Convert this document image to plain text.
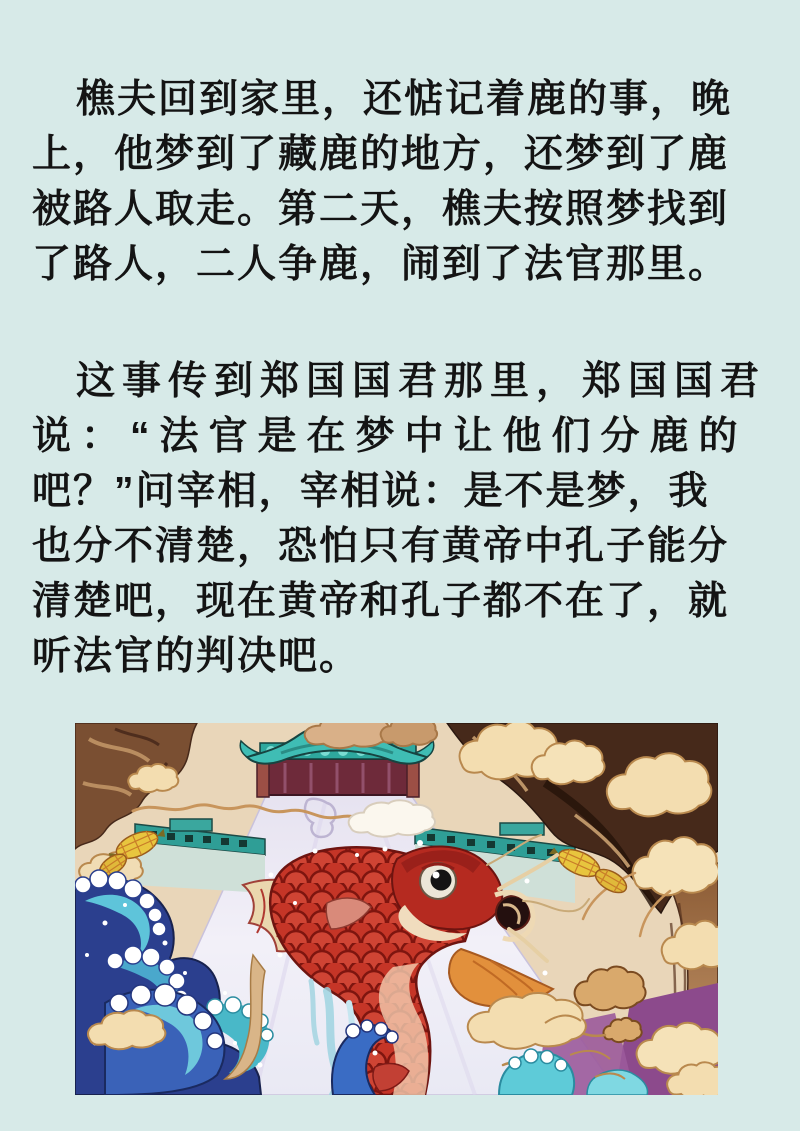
樵夫回到家里，还惦记着鹿的事，晚
上，他梦到了藏鹿的地方，还梦到了鹿
被路人取走。第二天，樵夫按照梦找到
了路人，二人争鹿，闹到了法官那里。

这事传到郑国国君那里，郑国国君
说：“法官是在梦中让他们分鹿的
吧？”问宰相，宰相说：是不是梦，我
也分不清楚，恐怕只有黄帝中孔子能分
清楚吧，现在黄帝和孔子都不在了，就
听法官的判决吧。
